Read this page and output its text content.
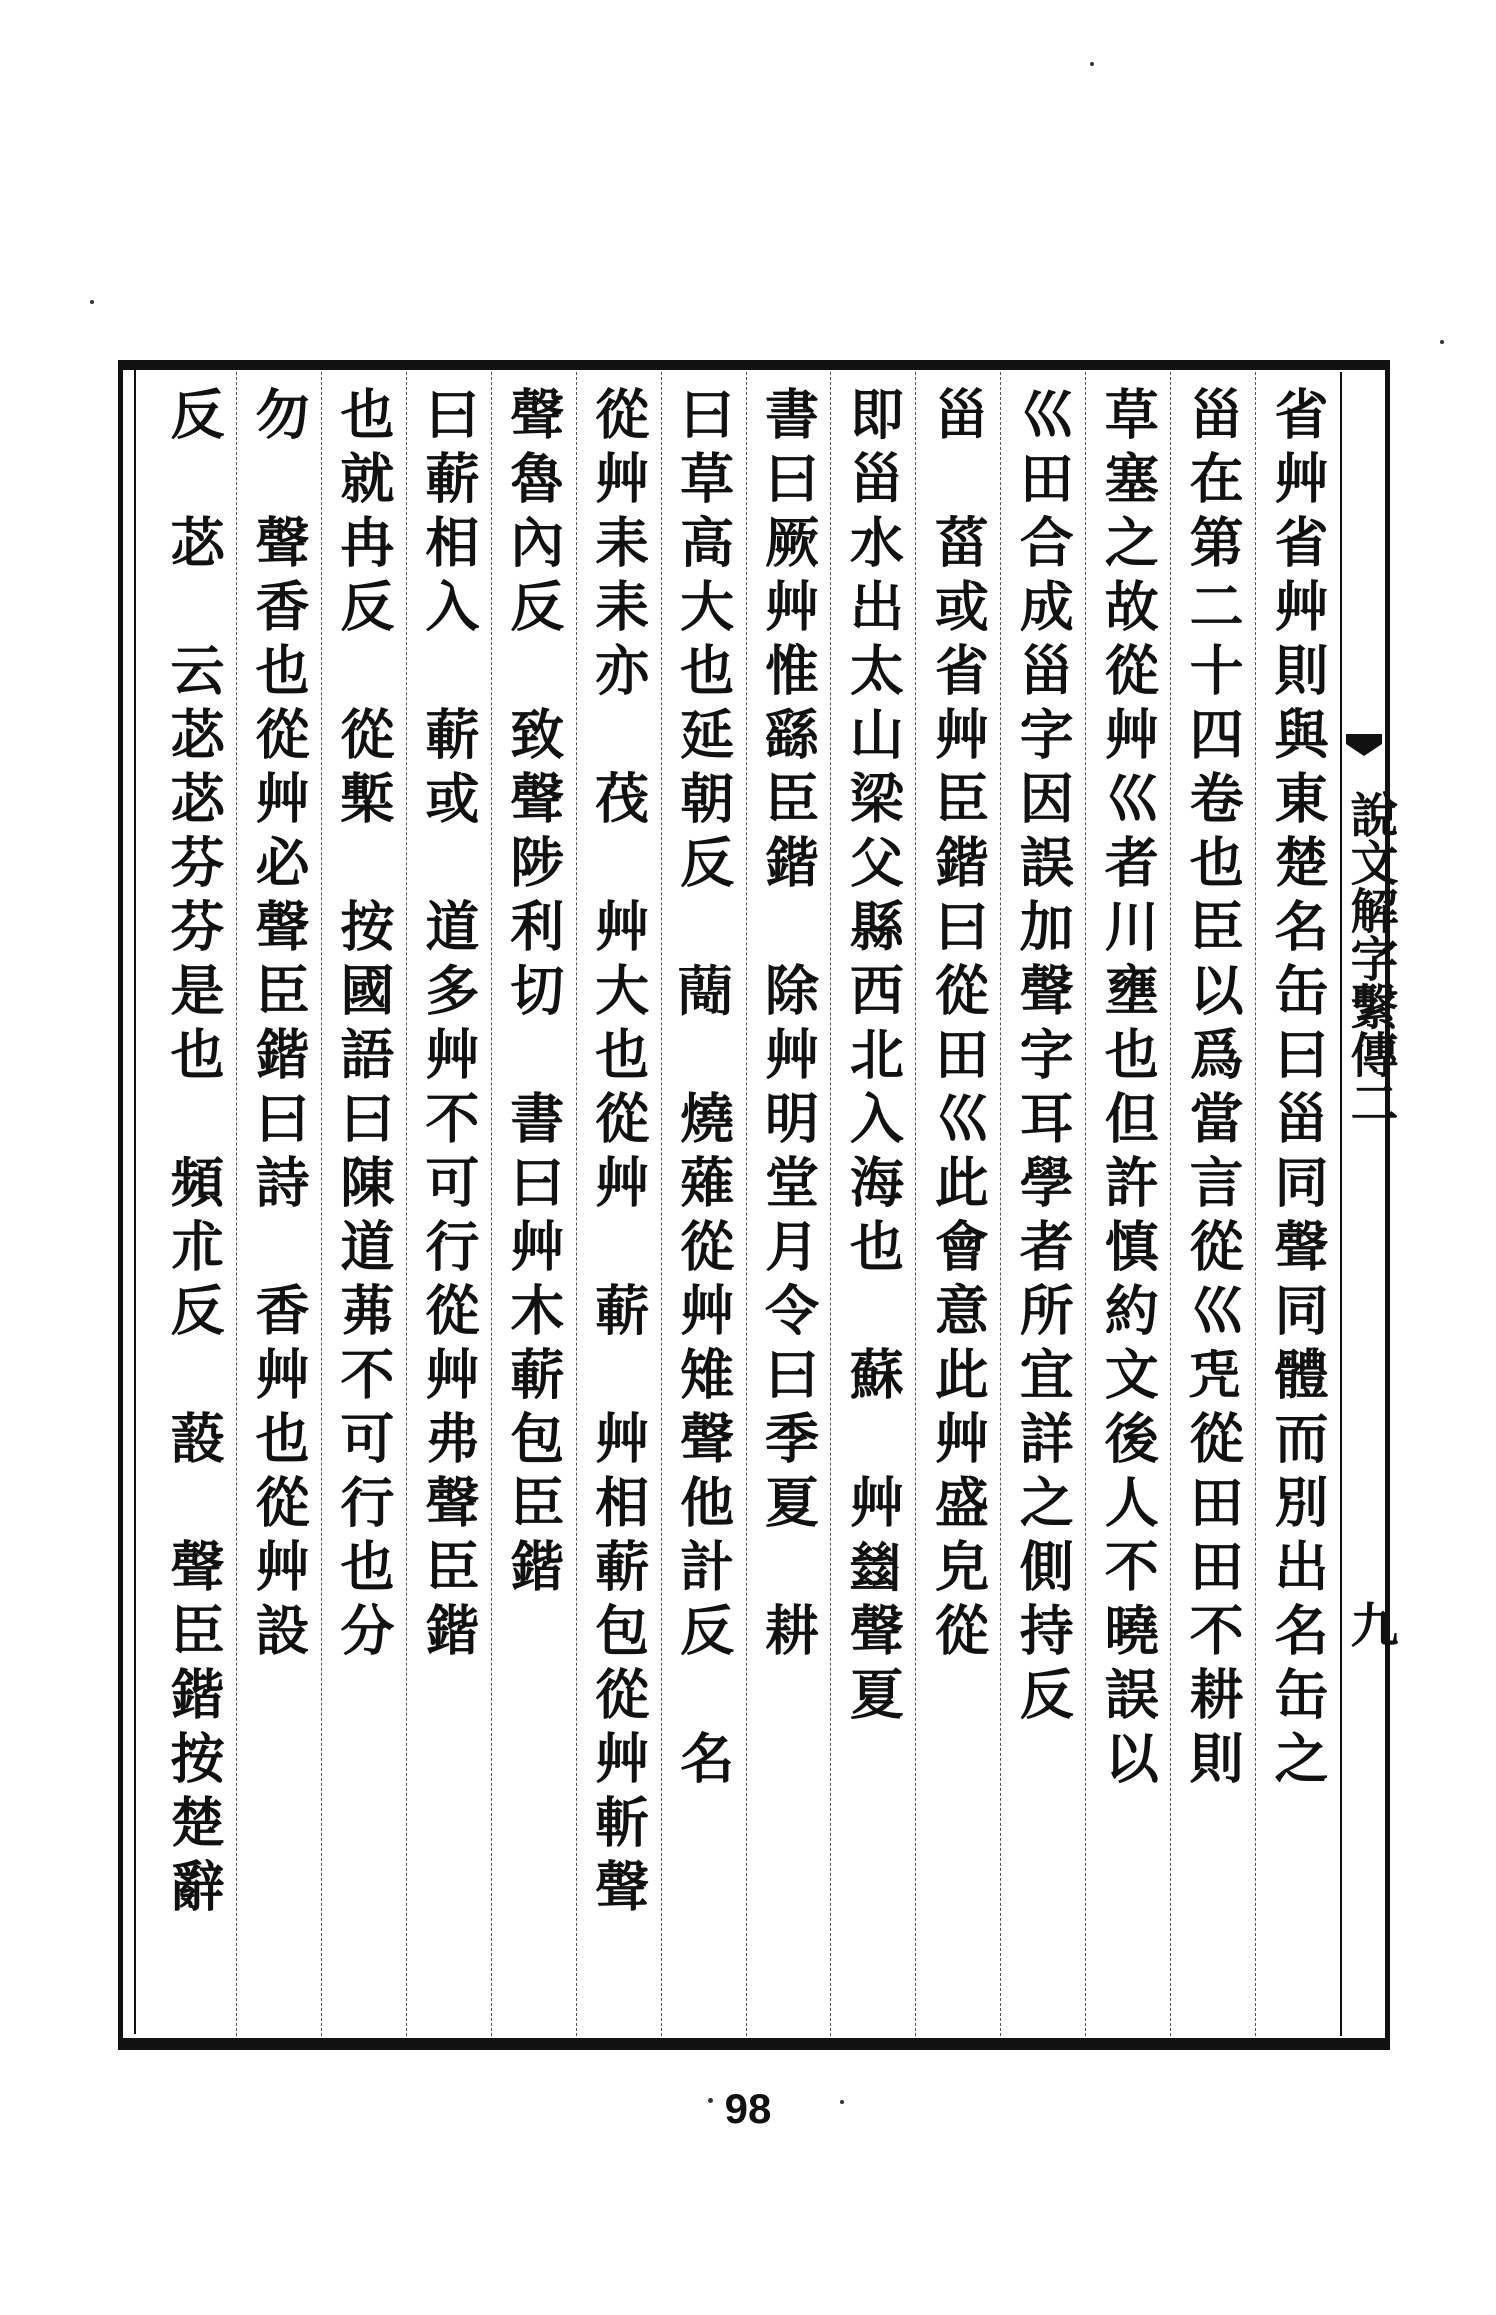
省艸省艸則與東楚名缶曰甾同聲同體而別出名缶之
甾在第二十四卷也臣以爲當言從巛𠘸從田田不耕則
草塞之故從艸巛者川壅也但許慎約文後人不曉誤以
巛田合成甾字因誤加聲字耳學者所宜詳之側持反
甾　菑或省艸臣鍇曰從田巛此會意此艸盛皃從
即甾水出太山梁父縣西北入海也　蘇　艸𢇍聲夏
書曰厥艸惟繇臣鍇　除艸明堂月令曰季夏　耕
曰草高大也延朝反　𦽅　燒薙從艸雉聲他計反　名
從艸耒耒亦　茷　艸大也從艸　蔪　艸相蔪包從艸斬聲
聲魯內反　致聲陟利切　書曰艸木蔪包臣鍇
曰蔪相入　蔪或　道多艸不可行從艸弗聲臣鍇
也就冉反　從槧　按國語曰陳道茀不可行也分
勿　聲香也從艸必聲臣鍇曰詩　香艸也從艸設
反　苾　云苾苾芬芬是也　頻朮反　蔎　聲臣鍇按楚辭	說文解字繫傳二
九
98
